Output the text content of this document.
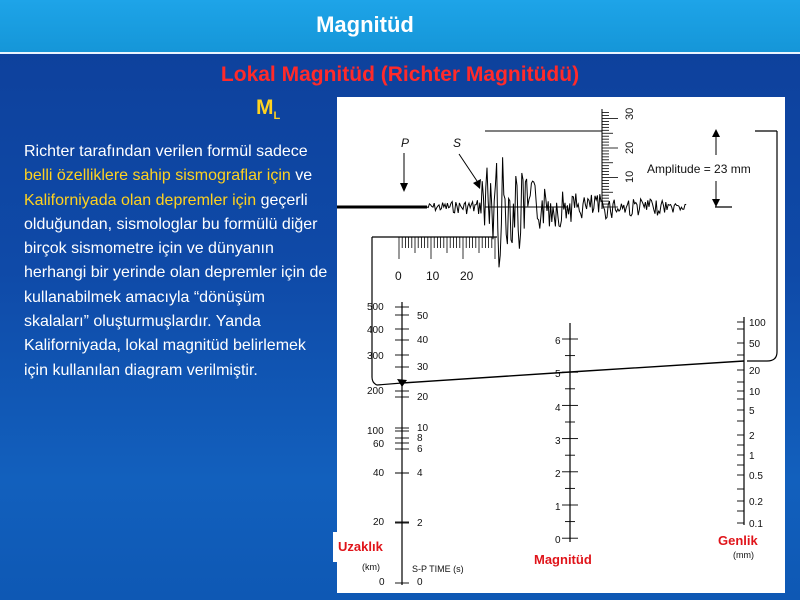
Magnitüd
Lokal Magnitüd (Richter Magnitüdü)
$M_L$
Richter tarafından verilen formül sadece belli özelliklere sahip sismograflar için ve Kaliforniyada olan depremler için geçerli olduğundan, sismologlar bu formülü diğer birçok sismometre için ve dünyanın herhangi bir yerinde olan depremler için de kullanabilmek amacıyla “dönüşüm skalaları” oluşturmuşlardır. Yanda Kaliforniyada, lokal magnitüd belirlemek için kullanılan diagram verilmiştir.
P	S
Amplitude = 23 mm
10
20
30
0 10 20
500
400
300
200
100
60
40
20
0
50
40
30
20
10
8
6
4
2
0
6
5
4
3
2
1
0
100
50
20
10
5
2
1
0.5
0.2
0.1
(km)	S-P TIME (s)
(mm)
Uzaklık
Magnitüd
Genlik
